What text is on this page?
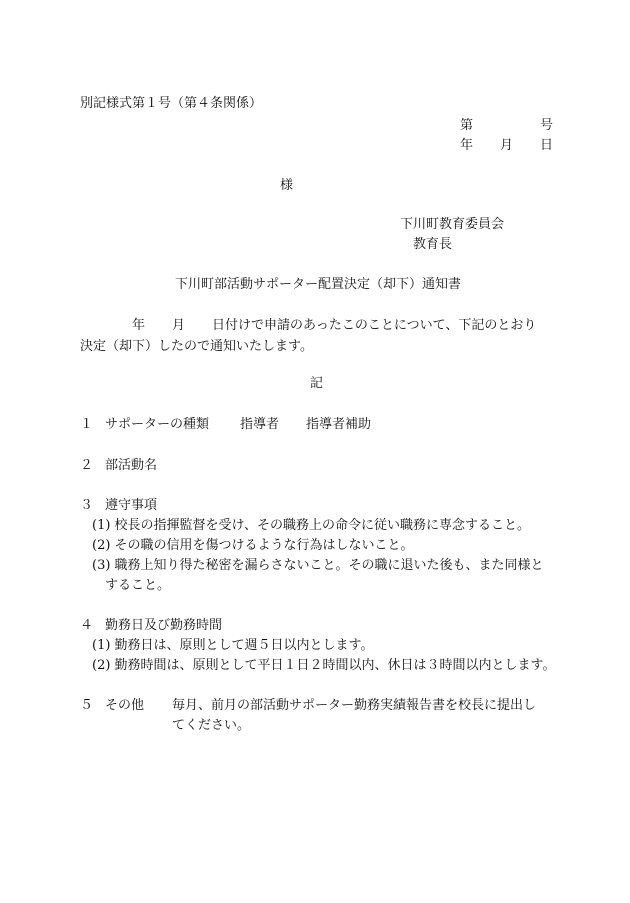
別記様式第１号（第４条関係）
第	号
年 月 日
様
下川町教育委員会
教育長
下川町部活動サポーター配置決定（却下）通知書
年 月 日付けで申請のあったこのことについて、下記のとおり
決定（却下）したので通知いたします。
記
１ サポーターの種類 指導者 指導者補助
２ 部活動名
３ 遵守事項
(1) 校長の指揮監督を受け、その職務上の命令に従い職務に専念すること。
(2) その職の信用を傷つけるような行為はしないこと。
(3) 職務上知り得た秘密を漏らさないこと。その職に退いた後も、また同様と
すること。
４ 勤務日及び勤務時間
(1) 勤務日は、原則として週５日以内とします。
(2) 勤務時間は、原則として平日１日２時間以内、休日は３時間以内とします。
５ その他 毎月、前月の部活動サポーター勤務実績報告書を校長に提出し
てください。
